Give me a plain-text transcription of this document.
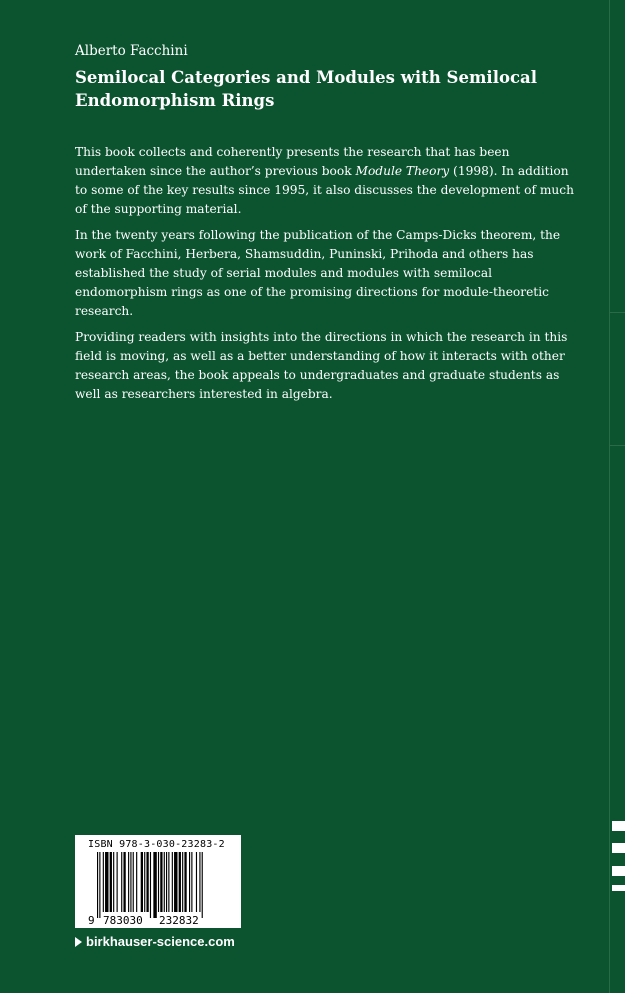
Alberto Facchini
Semilocal Categories and Modules with Semilocal Endomorphism Rings

This book collects and coherently presents the research that has been undertaken since the author’s previous book Module Theory (1998). In addition to some of the key results since 1995, it also discusses the development of much of the supporting material.

In the twenty years following the publication of the Camps-Dicks theorem, the work of Facchini, Herbera, Shamsuddin, Puninski, Prihoda and others has established the study of serial modules and modules with semilocal endomorphism rings as one of the promising directions for module-theoretic research.

Providing readers with insights into the directions in which the research in this field is moving, as well as a better understanding of how it interacts with other research areas, the book appeals to undergraduates and graduate students as well as researchers interested in algebra.

ISBN 978-3-030-23283-2
9 783030 232832
birkhauser-science.com
